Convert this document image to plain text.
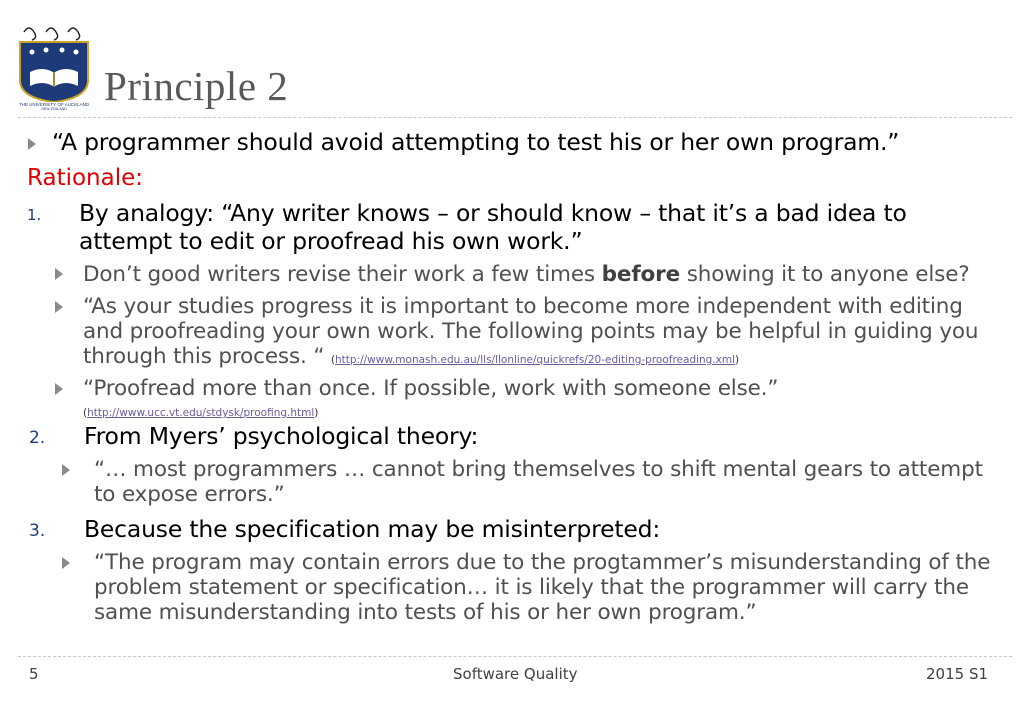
THE UNIVERSITY OF AUCKLAND
NEW ZEALAND Principle 2
“A programmer should avoid attempting to test his or her own program.”
Rationale:
1. By analogy: “Any writer knows – or should know – that it’s a bad idea to
attempt to edit or proofread his own work.”
Don’t good writers revise their work a few times before showing it to anyone else?
“As your studies progress it is important to become more independent with editing
and proofreading your own work. The following points may be helpful in guiding you
through this process. “ (http://www.monash.edu.au/lls/llonline/quickrefs/20-editing-proofreading.xml)
“Proofread more than once. If possible, work with someone else.”
(http://www.ucc.vt.edu/stdysk/proofing.html)
2. From Myers’ psychological theory:
“… most programmers … cannot bring themselves to shift mental gears to attempt
to expose errors.”
3. Because the specification may be misinterpreted:
“The program may contain errors due to the progtammer’s misunderstanding of the
problem statement or specification… it is likely that the programmer will carry the
same misunderstanding into tests of his or her own program.”
5	Software Quality	2015 S1
